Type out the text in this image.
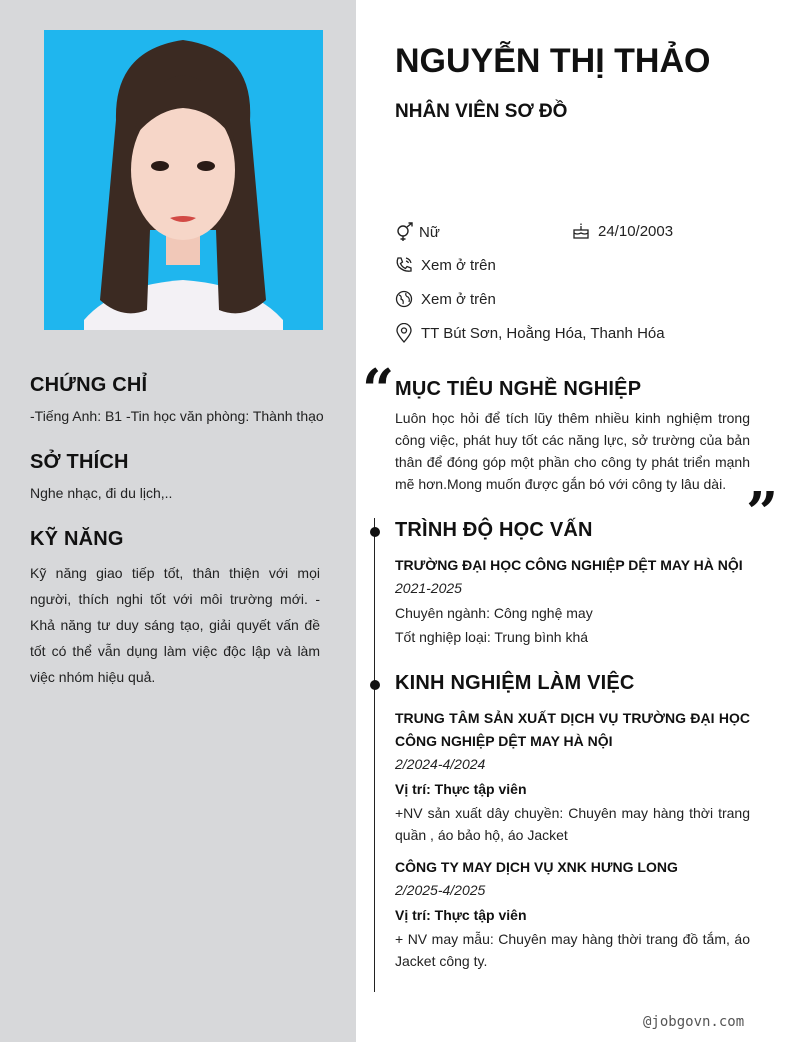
CHỨNG CHỈ
-Tiếng Anh: B1 -Tin học văn phòng: Thành thạo
SỞ THÍCH
Nghe nhạc, đi du lịch,..
KỸ NĂNG
Kỹ năng giao tiếp tốt, thân thiện với mọi người, thích nghi tốt với môi trường mới. - Khả năng tư duy sáng tạo, giải quyết vấn đề tốt có thể vẫn dụng làm việc độc lập và làm việc nhóm hiệu quả.
NGUYỄN THỊ THẢO
NHÂN VIÊN SƠ ĐỒ
Nữ	24/10/2003
Xem ở trên
Xem ở trên
TT Bút Sơn, Hoằng Hóa, Thanh Hóa
“
”
MỤC TIÊU NGHỀ NGHIỆP
Luôn học hỏi để tích lũy thêm nhiều kinh nghiệm trong công việc, phát huy tốt các năng lực, sở trường của bản thân để đóng góp một phần cho công ty phát triển mạnh mẽ hơn.Mong muốn được gắn bó với công ty lâu dài.
TRÌNH ĐỘ HỌC VẤN
TRƯỜNG ĐẠI HỌC CÔNG NGHIỆP DỆT MAY HÀ NỘI
2021-2025
Chuyên ngành: Công nghệ may
Tốt nghiệp loại: Trung bình khá
KINH NGHIỆM LÀM VIỆC
TRUNG TÂM SẢN XUẤT DỊCH VỤ TRƯỜNG ĐẠI HỌC CÔNG NGHIỆP DỆT MAY HÀ NỘI
2/2024-4/2024
Vị trí: Thực tập viên
+NV sản xuất dây chuyền: Chuyên may hàng thời trang quần , áo bảo hộ, áo Jacket
CÔNG TY MAY DỊCH VỤ XNK HƯNG LONG
2/2025-4/2025
Vị trí: Thực tập viên
+ NV may mẫu: Chuyên may hàng thời trang đồ tắm, áo Jacket công ty.
@jobgovn.com
